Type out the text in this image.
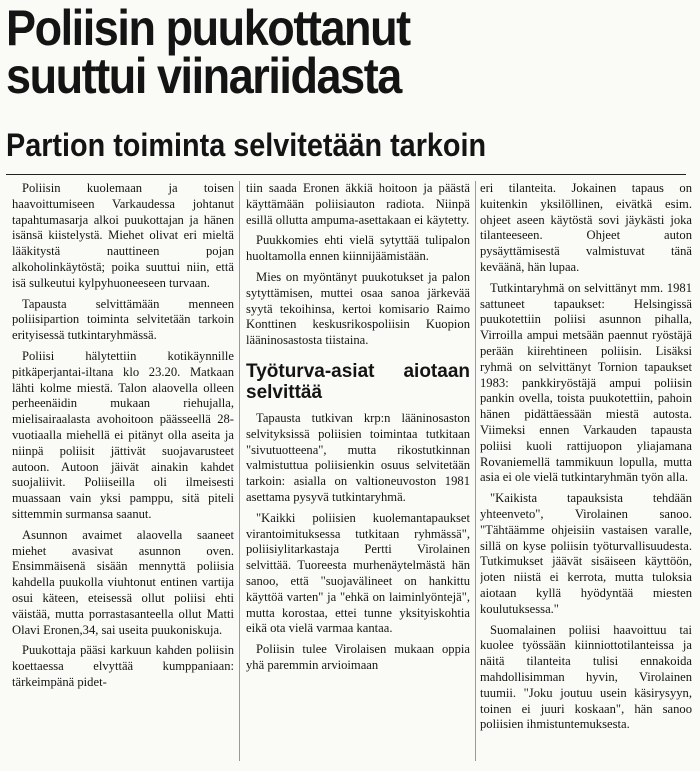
Poliisin puukottanut
suuttui viinariidasta
Partion toiminta selvitetään tarkoin

Poliisin kuolemaan ja toisen haavoittumiseen Varkaudessa johtanut tapahtumasarja alkoi puukottajan ja hänen isänsä kiistelystä. Miehet olivat eri mieltä lääkitystä nauttineen pojan alkoholinkäytöstä; poika suuttui niin, että isä sulkeutui kylpyhuoneeseen turvaan.

Tapausta selvittämään menneen poliisipartion toiminta selvitetään tarkoin erityisessä tutkintaryhmässä.

Poliisi hälytettiin kotikäynnille pitkäperjantai-iltana klo 23.20. Matkaan lähti kolme miestä. Talon alaovella olleen perheenäidin mukaan riehujalla, mielisairaalasta avohoitoon päässeellä 28-vuotiaalla miehellä ei pitänyt olla aseita ja niinpä poliisit jättivät suojavarusteet autoon. Autoon jäivät ainakin kahdet suojaliivit. Poliiseilla oli ilmeisesti muassaan vain yksi pamppu, sitä piteli sittemmin surmansa saanut.

Asunnon avaimet alaovella saaneet miehet avasivat asunnon oven. Ensimmäisenä sisään mennyttä poliisia kahdella puukolla viuhtonut entinen vartija osui käteen, eteisessä ollut poliisi ehti väistää, mutta porrastasanteella ollut Matti Olavi Eronen,34, sai useita puukoniskuja.

Puukottaja pääsi karkuun kahden poliisin koettaessa elvyttää kumppaniaan: tärkeimpänä pidet-

tiin saada Eronen äkkiä hoitoon ja päästä käyttämään poliisiauton radiota. Niinpä esillä ollutta ampuma-asettakaan ei käytetty.

Puukkomies ehti vielä sytyttää tulipalon huoltamolla ennen kiinnijäämistään.

Mies on myöntänyt puukotukset ja palon sytyttämisen, muttei osaa sanoa järkevää syytä tekoihinsa, kertoi komisario Raimo Konttinen keskusrikospoliisin Kuopion lääninosastosta tiistaina.

Työturva-asiat aiotaan selvittää

Tapausta tutkivan krp:n lääninosaston selvityksissä poliisien toimintaa tutkitaan "sivutuotteena", mutta rikostutkinnan valmistuttua poliisienkin osuus selvitetään tarkoin: asialla on valtioneuvoston 1981 asettama pysyvä tutkintaryhmä.

"Kaikki poliisien kuolemantapaukset virantoimituksessa tutkitaan ryhmässä", poliisiylitarkastaja Pertti Virolainen selvittää. Tuoreesta murhenäytelmästä hän sanoo, että "suojavälineet on hankittu käyttöä varten" ja "ehkä on laiminlyöntejä", mutta korostaa, ettei tunne yksityiskohtia eikä ota vielä varmaa kantaa.

Poliisin tulee Virolaisen mukaan oppia yhä paremmin arvioimaan

eri tilanteita. Jokainen tapaus on kuitenkin yksilöllinen, eivätkä esim. ohjeet aseen käytöstä sovi jäykästi joka tilanteeseen. Ohjeet auton pysäyttämisestä valmistuvat tänä keväänä, hän lupaa.

Tutkintaryhmä on selvittänyt mm. 1981 sattuneet tapaukset: Helsingissä puukotettiin poliisi asunnon pihalla, Virroilla ampui metsään paennut ryöstäjä perään kiirehtineen poliisin. Lisäksi ryhmä on selvittänyt Tornion tapaukset 1983: pankkiryöstäjä ampui poliisin pankin ovella, toista puukotettiin, pahoin hänen pidättäessään miestä autosta. Viimeksi ennen Varkauden tapausta poliisi kuoli rattijuopon yliajamana Rovaniemellä tammikuun lopulla, mutta asia ei ole vielä tutkintaryhmän työn alla.

"Kaikista tapauksista tehdään yhteenveto", Virolainen sanoo. "Tähtäämme ohjeisiin vastaisen varalle, sillä on kyse poliisin työturvallisuudesta. Tutkimukset jäävät sisäiseen käyttöön, joten niistä ei kerrota, mutta tuloksia aiotaan kyllä hyödyntää miesten koulutuksessa."

Suomalainen poliisi haavoittuu tai kuolee työssään kiinniottotilanteissa ja näitä tilanteita tulisi ennakoida mahdollisimman hyvin, Virolainen tuumii. "Joku joutuu usein käsirysyyn, toinen ei juuri koskaan", hän sanoo poliisien ihmistuntemuksesta.
